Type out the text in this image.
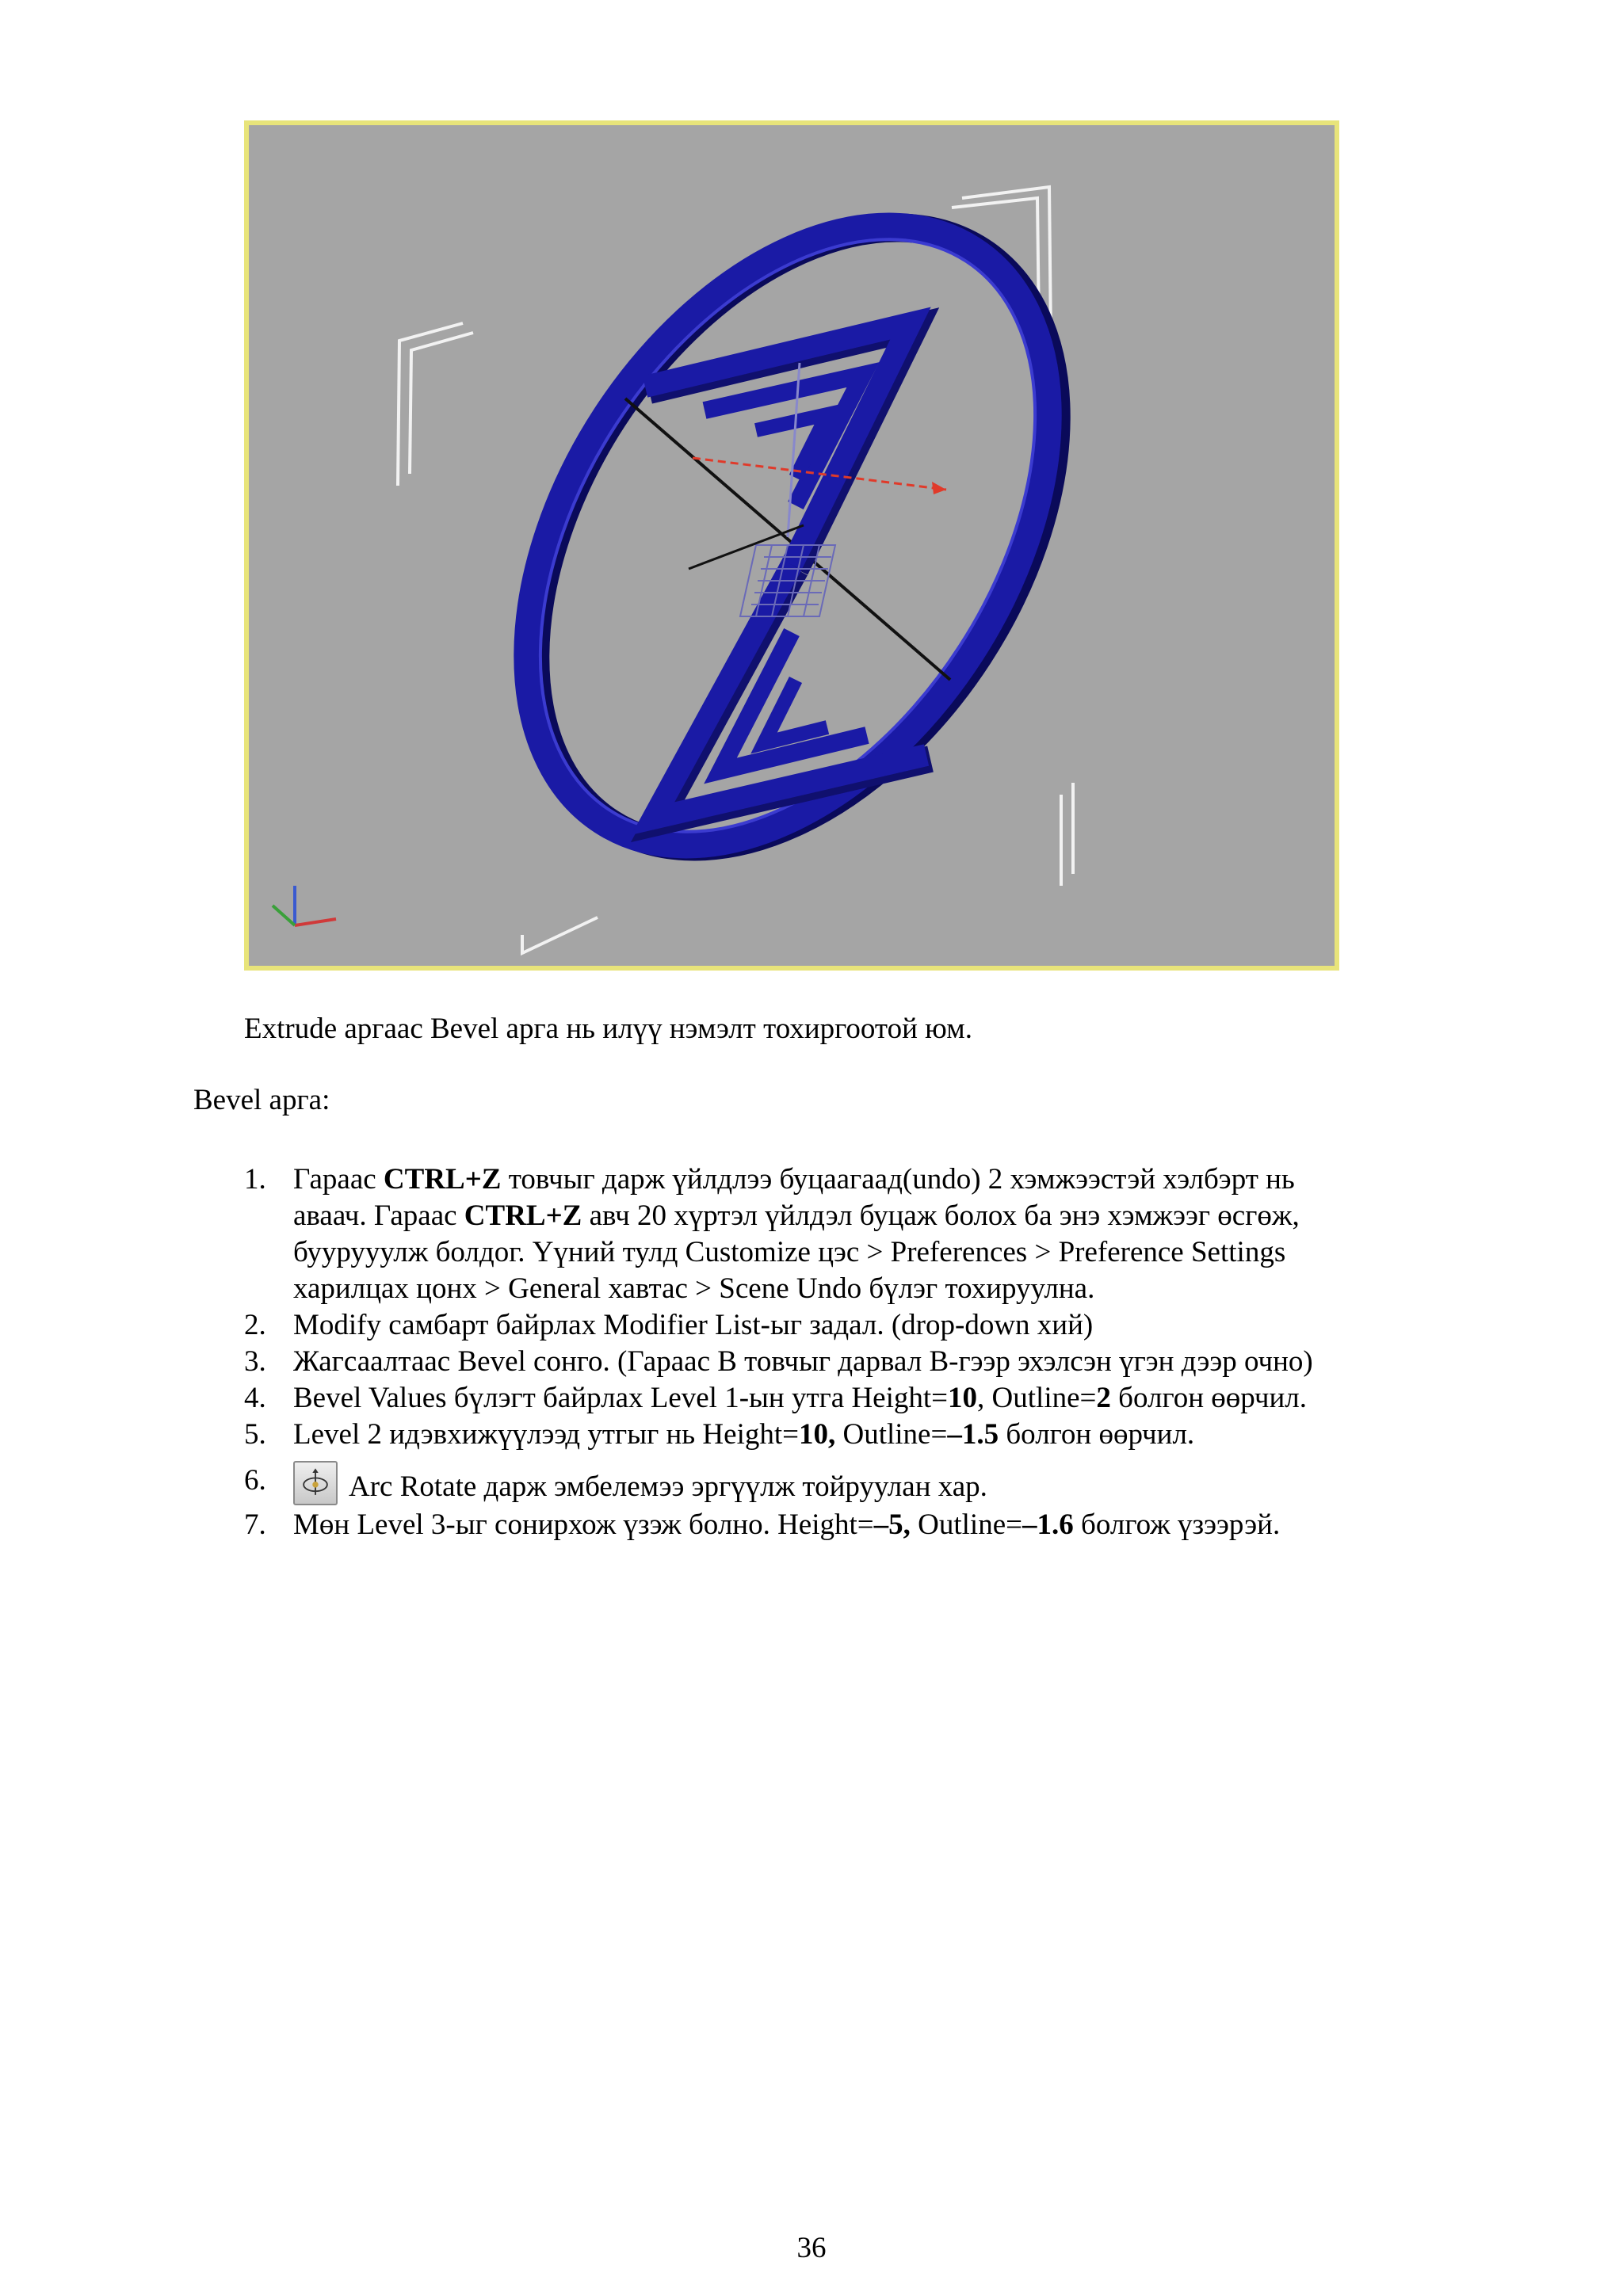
Extrude аргаас Bevel арга нь илүү нэмэлт тохиргоотой юм.
Bevel арга:
1. Гараас CTRL+Z товчыг дарж үйлдлээ буцаагаад(undo) 2 хэмжээстэй хэлбэрт нь
аваач. Гараас CTRL+Z авч 20 хүртэл үйлдэл буцаж болох ба энэ хэмжээг өсгөж,
буурууулж болдог. Үүний тулд Customize цэс > Preferences > Preference Settings
харилцах цонх > General хавтас > Scene Undo бүлэг тохируулна.
2. Modify самбарт байрлах Modifier List-ыг задал. (drop-down хий)
3. Жагсаалтаас Bevel сонго. (Гараас B товчыг дарвал B-гээр эхэлсэн үгэн дээр очно)
4. Bevel Values бүлэгт байрлах Level 1-ын утга Height=10, Outline=2 болгон өөрчил.
5. Level 2 идэвхижүүлээд утгыг нь Height=10, Outline=–1.5 болгон өөрчил.
6.	Arc Rotate дарж эмбелемээ эргүүлж тойруулан хар.
7. Мөн Level 3-ыг сонирхож үзэж болно. Height=–5, Outline=–1.6 болгож үзээрэй.
36
